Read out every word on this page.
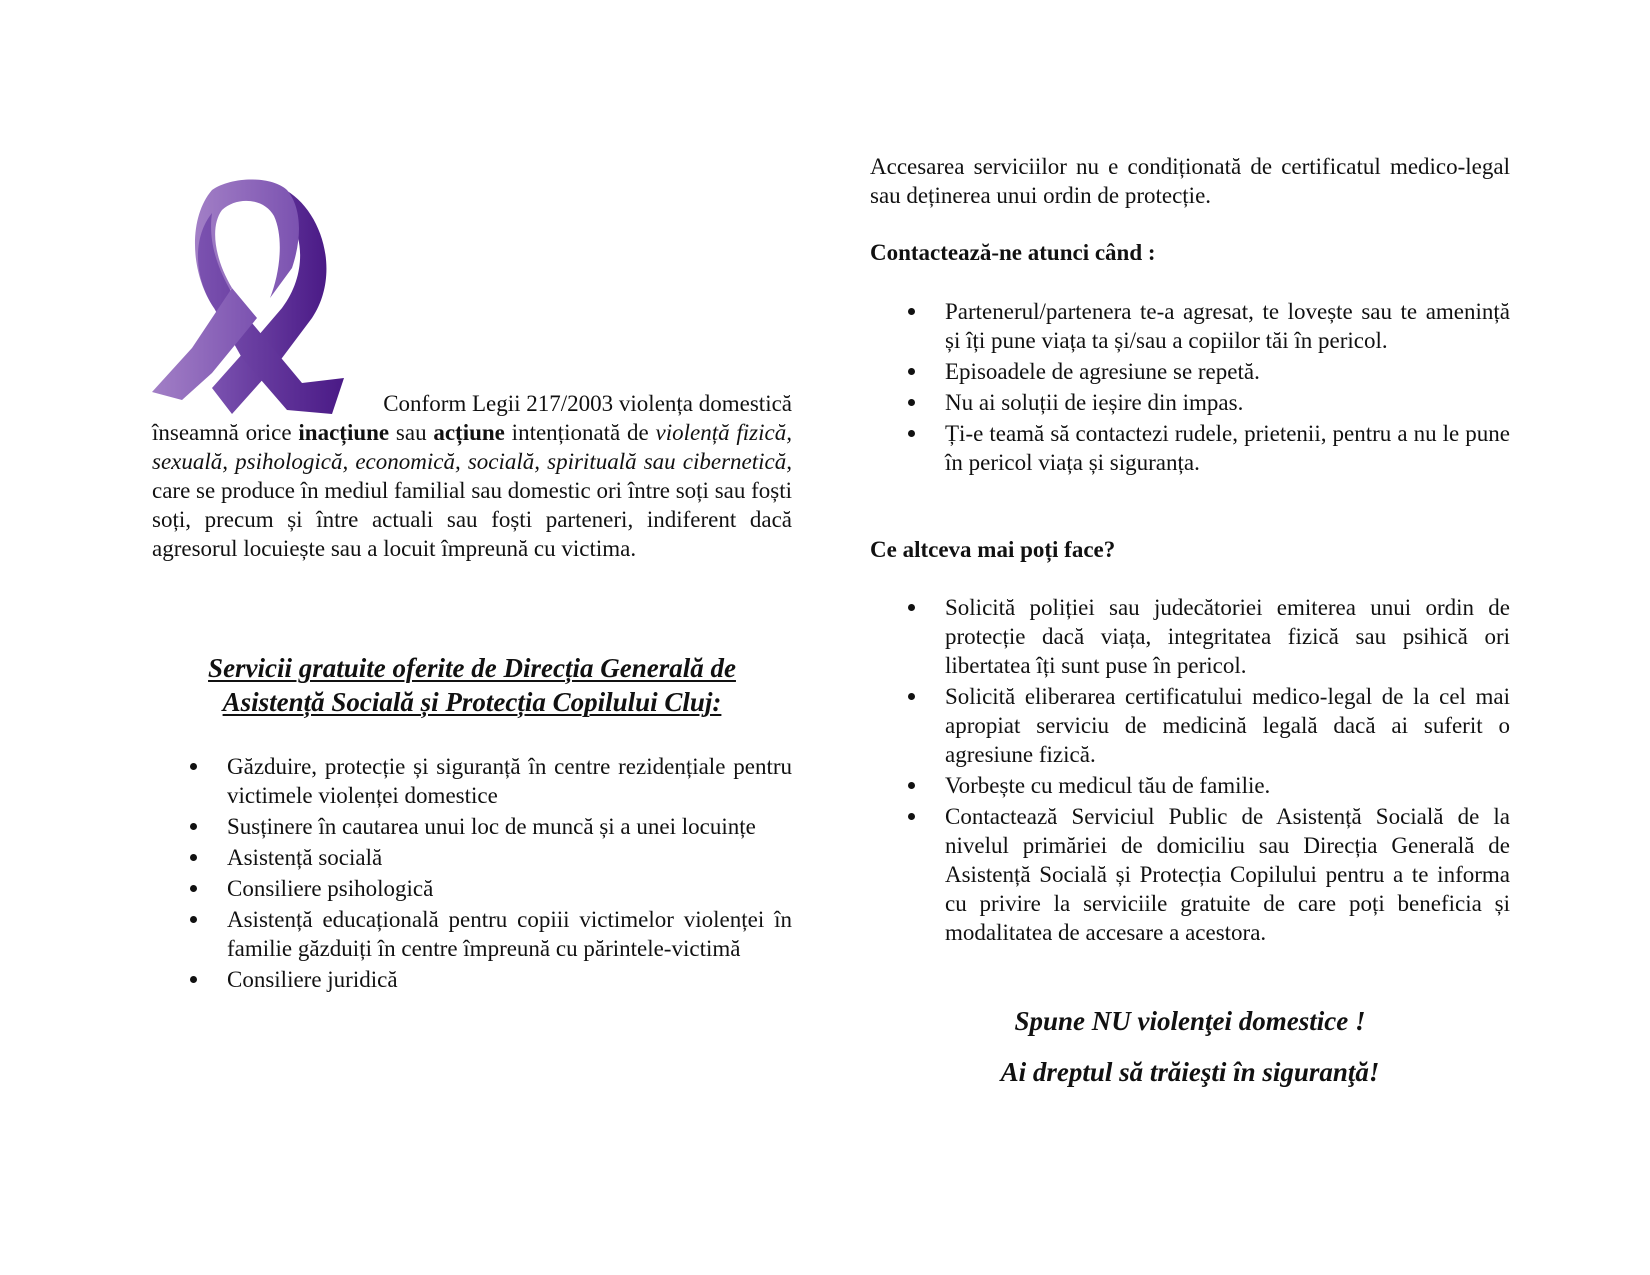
Conform Legii 217/2003 violența domestică
înseamnă orice inacțiune sau acțiune intenționată de violență fizică, sexuală, psihologică, economică, socială, spirituală sau cibernetică, care se produce în mediul familial sau domestic ori între soți sau foști soți, precum și între actuali sau foști parteneri, indiferent dacă agresorul locuiește sau a locuit împreună cu victima.

Servicii gratuite oferite de Direcția Generală de
Asistență Socială și Protecția Copilului Cluj:
Găzduire, protecție și siguranță în centre rezidențiale pentru victimele violenței domestice
Susținere în cautarea unui loc de muncă și a unei locuințe
Asistență socială
Consiliere psihologică
Asistență educațională pentru copiii victimelor violenței în familie găzduiți în centre împreună cu părintele-victimă
Consiliere juridică

Accesarea serviciilor nu e condiționată de certificatul medico-legal sau deținerea unui ordin de protecție.

Contactează-ne atunci când :

Partenerul/partenera te-a agresat, te lovește sau te amenință și îți pune viața ta și/sau a copiilor tăi în pericol.
Episoadele de agresiune se repetă.
Nu ai soluții de ieșire din impas.
Ți-e teamă să contactezi rudele, prietenii, pentru a nu le pune în pericol viața și siguranța.

Ce altceva mai poți face?

Solicită poliției sau judecătoriei emiterea unui ordin de protecție dacă viața, integritatea fizică sau psihică ori libertatea îți sunt puse în pericol.
Solicită eliberarea certificatului medico-legal de la cel mai apropiat serviciu de medicină legală dacă ai suferit o agresiune fizică.
Vorbește cu medicul tău de familie.
Contactează Serviciul Public de Asistență Socială de la nivelul primăriei de domiciliu sau Direcția Generală de Asistență Socială și Protecția Copilului pentru a te informa cu privire la serviciile gratuite de care poți beneficia și modalitatea de accesare a acestora.

Spune NU violenţei domestice !

Ai dreptul să trăieşti în siguranţă!
